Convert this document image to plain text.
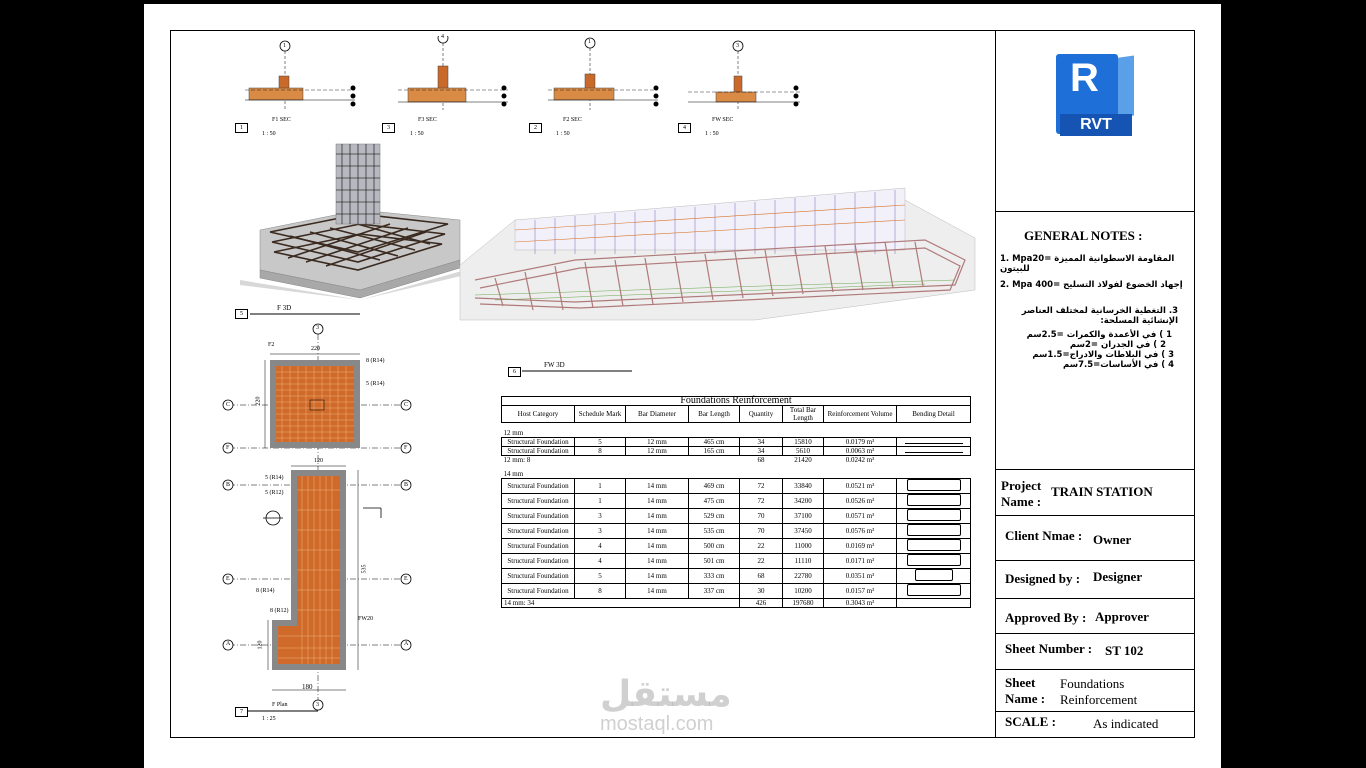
1
4
1
3
1
F1 SEC
1 : 50
3
F3 SEC
1 : 50
2
F2 SEC
1 : 50
4
FW SEC
1 : 50
5
F 3D
6
FW 3D
3
3
C	C
F	F
B	B
E	E
A	A
F2
220
220
8 (R14)
5 (R14)
120
5 (R14)
5 (R12)
535
8 (R14)
8 (R12)
FW20
120
180
7
F Plan
1 : 25
Foundations Reinforcement							
Host Category	Schedule Mark	Bar Diameter	Bar Length	Quantity	Total Bar Length	Reinforcement Volume	Bending Detail

12 mm							
Structural Foundation	5	12 mm	465 cm	34	15810	0.0179 m³	
Structural Foundation	8	12 mm	165 cm	34	5610	0.0063 m³	
12 mm: 8				68	21420	0.0242 m³	

14 mm							
Structural Foundation	1	14 mm	469 cm	72	33840	0.0521 m³	
Structural Foundation	1	14 mm	475 cm	72	34200	0.0526 m³	
Structural Foundation	3	14 mm	529 cm	70	37100	0.0571 m³	
Structural Foundation	3	14 mm	535 cm	70	37450	0.0576 m³	
Structural Foundation	4	14 mm	500 cm	22	11000	0.0169 m³	
Structural Foundation	4	14 mm	501 cm	22	11110	0.0171 m³	
Structural Foundation	5	14 mm	333 cm	68	22780	0.0351 m³	
Structural Foundation	8	14 mm	337 cm	30	10200	0.0157 m³	
14 mm: 34				426	197680	0.3043 m³	
R
RVT
GENERAL NOTES :
1. Mpa20= المقاومة الاسطوانية المميزة للبيتون
2. Mpa 400= إجهاد الخضوع لفولاذ التسليح
3. التغطية الخرسانية لمختلف العناصر الإنشائية المسلحة:
1 ) في الأعمدة والكمرات =2.5سم
2 ) في الجدران =2سم
3 ) في البلاطات والادراج=1.5سم
4 ) في الأساسات=7.5سم
Project
Name :
TRAIN STATION
Client Nmae : Owner
Designed by : Designer
Approved By : Approver
Sheet Number : ST 102
Sheet
Name :
Foundations
Reinforcement
SCALE :	As indicated
مستقل
mostaql.com
